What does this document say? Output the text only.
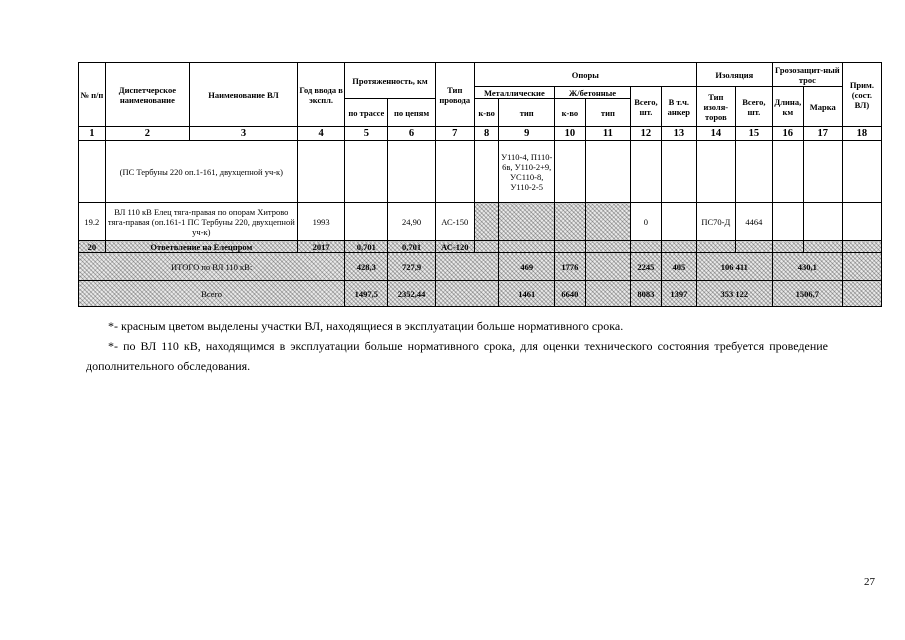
№ п/п	Диспетчерское наименование	Наименование ВЛ	Год ввода в экспл.	Протяженность, км		Тип провода	Опоры						Изоляция		Грозозащит-ный трос		Прим. (сост. ВЛ)
							Металлические		Ж/бетонные		Всего, шт.	В т.ч. анкер	Тип изоля-торов	Всего, шт.	Длина, км	Марка	
				по трассе	по цепям		к-во	тип	к-во	тип							
1	2	3	4	5	6	7	8	9	10	11	12	13	14	15	16	17	18
	(ПС Тербуны 220 оп.1-161, двухцепной уч-к)							У110-4, П110-6в, У110-2+9, УС110-8, У110-2-5									
19.2	ВЛ 110 кВ Елец тяга-правая по опорам Хитрово тяга-правая (оп.161-1 ПС Тербуны 220, двухцепной уч-к)		1993		24,90	АС-150					0		ПС70-Д	4464			
20	Ответвление на Елецпром		2017	0,701	0,701	АС-120											
ИТОГО по ВЛ 110 кВ:				428,3	727,9			469	1776		2245	405	106 411		430,1		
Всего				1497,5	2352,44			1461	6640		8083	1397	353 122		1506,7		

*- красным цветом выделены участки ВЛ, находящиеся в эксплуатации больше нормативного срока.

*- по ВЛ 110 кВ, находящимся в эксплуатации больше нормативного срока, для оценки технического состояния требуется проведение дополнительного обследования.

27
